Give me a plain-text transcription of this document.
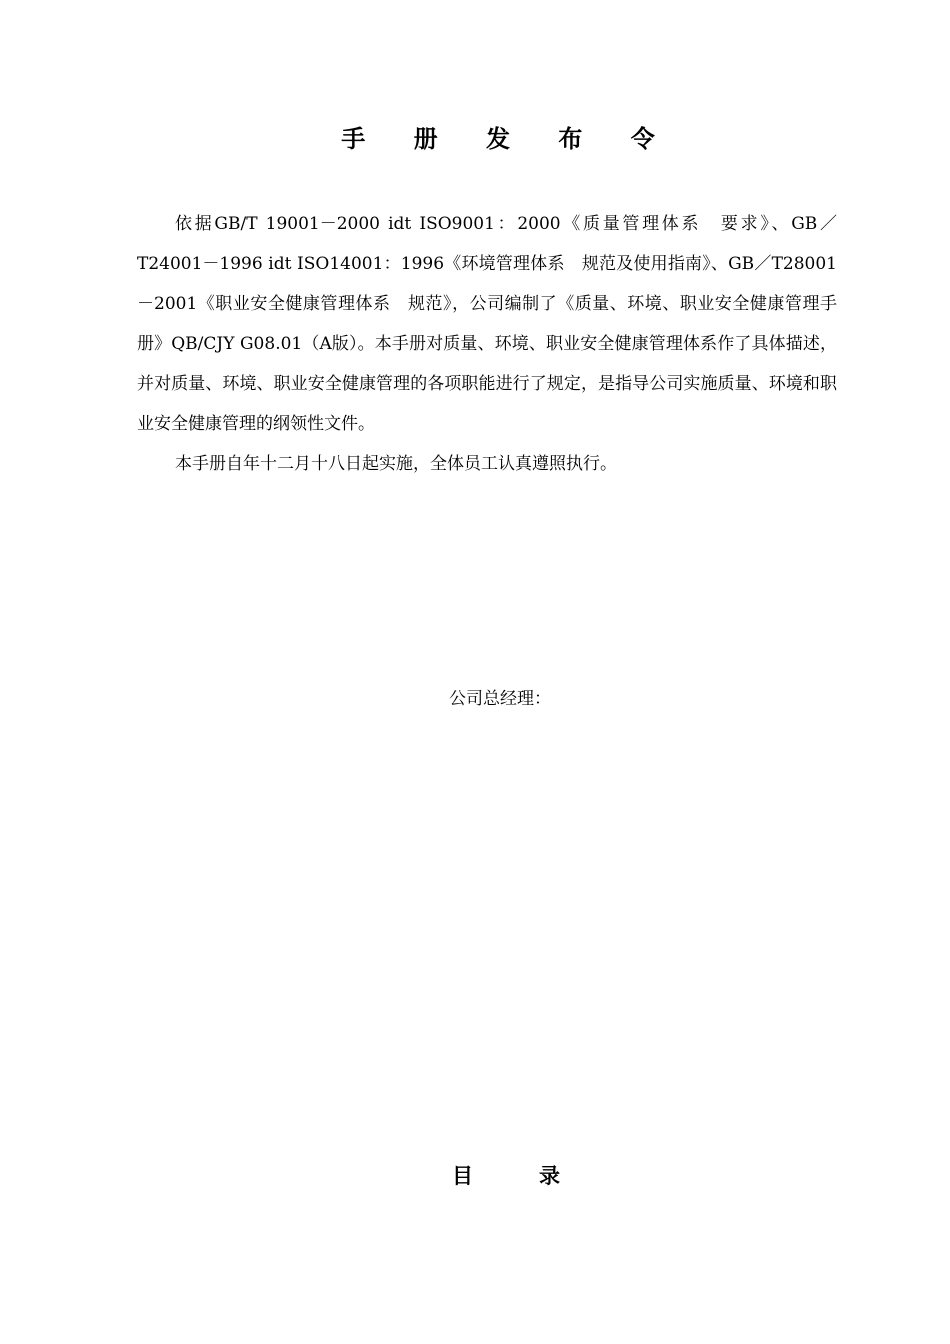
手 册 发 布 令

依据GB/T 19001－2000 idt ISO9001：2000《质量管理体系　要求》、GB／T24001－1996 idt ISO14001：1996《环境管理体系　规范及使用指南》、GB／T28001－2001《职业安全健康管理体系　规范》，公司编制了《质量、环境、职业安全健康管理手册》QB/CJY G08.01（A版）。本手册对质量、环境、职业安全健康管理体系作了具体描述，并对质量、环境、职业安全健康管理的各项职能进行了规定，是指导公司实施质量、环境和职业安全健康管理的纲领性文件。

本手册自年十二月十八日起实施，全体员工认真遵照执行。

公司总经理：
目录
